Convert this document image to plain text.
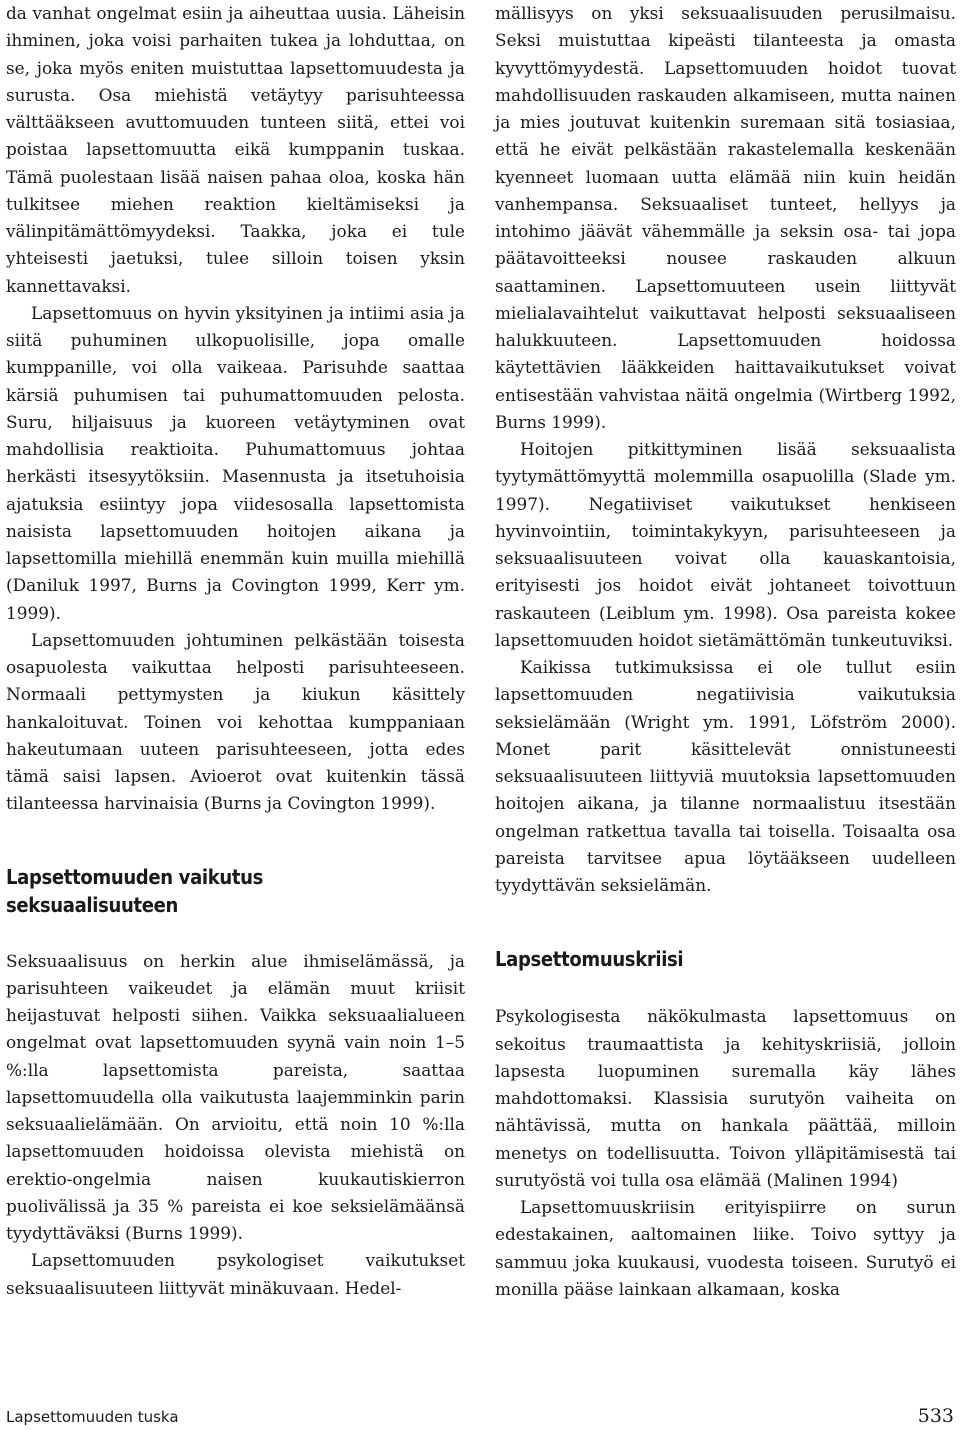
da vanhat ongelmat esiin ja aiheuttaa uusia. Läheisin ihminen, joka voisi parhaiten tukea ja lohduttaa, on se, joka myös eniten muistuttaa lapsettomuudesta ja surusta. Osa miehistä vetäytyy parisuhteessa välttääkseen avuttomuuden tunteen siitä, ettei voi poistaa lapsettomuutta eikä kumppanin tuskaa. Tämä puolestaan lisää naisen pahaa oloa, koska hän tulkitsee miehen reaktion kieltämiseksi ja välinpitämättömyydeksi. Taakka, joka ei tule yhteisesti jaetuksi, tulee silloin toisen yksin kannettavaksi.

Lapsettomuus on hyvin yksityinen ja intiimi asia ja siitä puhuminen ulkopuolisille, jopa omalle kumppanille, voi olla vaikeaa. Parisuhde saattaa kärsiä puhumisen tai puhumattomuuden pelosta. Suru, hiljaisuus ja kuoreen vetäytyminen ovat mahdollisia reaktioita. Puhumattomuus johtaa herkästi itsesyytöksiin. Masennusta ja itsetuhoisia ajatuksia esiintyy jopa viidesosalla lapsettomista naisista lapsettomuuden hoitojen aikana ja lapsettomilla miehillä enemmän kuin muilla miehillä (Daniluk 1997, Burns ja Covington 1999, Kerr ym. 1999).

Lapsettomuuden johtuminen pelkästään toisesta osapuolesta vaikuttaa helposti parisuhteeseen. Normaali pettymysten ja kiukun käsittely hankaloituvat. Toinen voi kehottaa kumppaniaan hakeutumaan uuteen parisuhteeseen, jotta edes tämä saisi lapsen. Avioerot ovat kuitenkin tässä tilanteessa harvinaisia (Burns ja Covington 1999).

Lapsettomuuden vaikutus
seksuaalisuuteen

Seksuaalisuus on herkin alue ihmiselämässä, ja parisuhteen vaikeudet ja elämän muut kriisit heijastuvat helposti siihen. Vaikka seksuaalialueen ongelmat ovat lapsettomuuden syynä vain noin 1–5 %:lla lapsettomista pareista, saattaa lapsettomuudella olla vaikutusta laajemminkin parin seksuaalielämään. On arvioitu, että noin 10 %:lla lapsettomuuden hoidoissa olevista miehistä on erektio-ongelmia naisen kuukautiskierron puolivälissä ja 35 % pareista ei koe seksielämäänsä tyydyttäväksi (Burns 1999).

Lapsettomuuden psykologiset vaikutukset seksuaalisuuteen liittyvät minäkuvaan. Hedel-

mällisyys on yksi seksuaalisuuden perusilmaisu. Seksi muistuttaa kipeästi tilanteesta ja omasta kyvyttömyydestä. Lapsettomuuden hoidot tuovat mahdollisuuden raskauden alkamiseen, mutta nainen ja mies joutuvat kuitenkin suremaan sitä tosiasiaa, että he eivät pelkästään rakastelemalla keskenään kyenneet luomaan uutta elämää niin kuin heidän vanhempansa. Seksuaaliset tunteet, hellyys ja intohimo jäävät vähemmälle ja seksin osa- tai jopa päätavoitteeksi nousee raskauden alkuun saattaminen. Lapsettomuuteen usein liittyvät mielialavaihtelut vaikuttavat helposti seksuaaliseen halukkuuteen. Lapsettomuuden hoidossa käytettävien lääkkeiden haittavaikutukset voivat entisestään vahvistaa näitä ongelmia (Wirtberg 1992, Burns 1999).

Hoitojen pitkittyminen lisää seksuaalista tyytymättömyyttä molemmilla osapuolilla (Slade ym. 1997). Negatiiviset vaikutukset henkiseen hyvinvointiin, toimintakykyyn, parisuhteeseen ja seksuaalisuuteen voivat olla kauaskantoisia, erityisesti jos hoidot eivät johtaneet toivottuun raskauteen (Leiblum ym. 1998). Osa pareista kokee lapsettomuuden hoidot sietämättömän tunkeutuviksi.

Kaikissa tutkimuksissa ei ole tullut esiin lapsettomuuden negatiivisia vaikutuksia seksielämään (Wright ym. 1991, Löfström 2000). Monet parit käsittelevät onnistuneesti seksuaalisuuteen liittyviä muutoksia lapsettomuuden hoitojen aikana, ja tilanne normaalistuu itsestään ongelman ratkettua tavalla tai toisella. Toisaalta osa pareista tarvitsee apua löytääkseen uudelleen tyydyttävän seksielämän.

Lapsettomuuskriisi

Psykologisesta näkökulmasta lapsettomuus on sekoitus traumaattista ja kehityskriisiä, jolloin lapsesta luopuminen suremalla käy lähes mahdottomaksi. Klassisia surutyön vaiheita on nähtävissä, mutta on hankala päättää, milloin menetys on todellisuutta. Toivon ylläpitämisestä tai surutyöstä voi tulla osa elämää (Malinen 1994)

Lapsettomuuskriisin erityispiirre on surun edestakainen, aaltomainen liike. Toivo syttyy ja sammuu joka kuukausi, vuodesta toiseen. Surutyö ei monilla pääse lainkaan alkamaan, koska

Lapsettomuuden tuska	533
